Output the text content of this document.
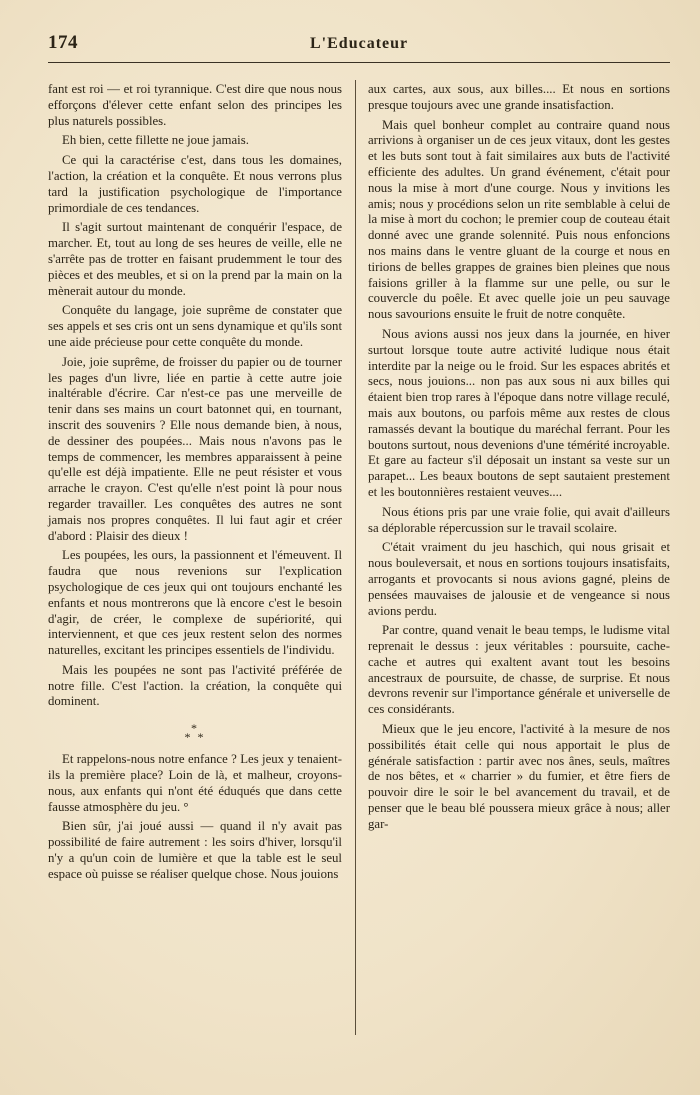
174	L'Educateur

fant est roi — et roi tyrannique. C'est dire que nous nous efforçons d'élever cette enfant selon des principes les plus naturels possibles.

Eh bien, cette fillette ne joue jamais.

Ce qui la caractérise c'est, dans tous les domaines, l'action, la création et la conquête. Et nous verrons plus tard la justification psychologique de l'importance primordiale de ces tendances.

Il s'agit surtout maintenant de conquérir l'espace, de marcher. Et, tout au long de ses heures de veille, elle ne s'arrête pas de trotter en faisant prudemment le tour des pièces et des meubles, et si on la prend par la main on la mènerait autour du monde.

Conquête du langage, joie suprême de constater que ses appels et ses cris ont un sens dynamique et qu'ils sont une aide précieuse pour cette conquête du monde.

Joie, joie suprême, de froisser du papier ou de tourner les pages d'un livre, liée en partie à cette autre joie inaltérable d'écrire. Car n'est-ce pas une merveille de tenir dans ses mains un court batonnet qui, en tournant, inscrit des souvenirs ? Elle nous demande bien, à nous, de dessiner des poupées... Mais nous n'avons pas le temps de commencer, les membres apparaissent à peine qu'elle est déjà impatiente. Elle ne peut résister et vous arrache le crayon. C'est qu'elle n'est point là pour nous regarder travailler. Les conquêtes des autres ne sont jamais nos propres conquêtes. Il lui faut agir et créer d'abord : Plaisir des dieux !

Les poupées, les ours, la passionnent et l'émeuvent. Il faudra que nous revenions sur l'explication psychologique de ces jeux qui ont toujours enchanté les enfants et nous montrerons que là encore c'est le besoin d'agir, de créer, le complexe de supériorité, qui interviennent, et que ces jeux restent selon des normes naturelles, excitant les principes essentiels de l'individu.

Mais les poupées ne sont pas l'activité préférée de notre fille. C'est l'action. la création, la conquête qui dominent.

*
* *

Et rappelons-nous notre enfance ? Les jeux y tenaient-ils la première place? Loin de là, et malheur, croyons-nous, aux enfants qui n'ont été éduqués que dans cette fausse atmosphère du jeu. °

Bien sûr, j'ai joué aussi — quand il n'y avait pas possibilité de faire autrement : les soirs d'hiver, lorsqu'il n'y a qu'un coin de lumière et que la table est le seul espace où puisse se réaliser quelque chose. Nous jouions

aux cartes, aux sous, aux billes.... Et nous en sortions presque toujours avec une grande insatisfaction.

Mais quel bonheur complet au contraire quand nous arrivions à organiser un de ces jeux vitaux, dont les gestes et les buts sont tout à fait similaires aux buts de l'activité efficiente des adultes. Un grand événement, c'était pour nous la mise à mort d'une courge. Nous y invitions les amis; nous y procédions selon un rite semblable à celui de la mise à mort du cochon; le premier coup de couteau était donné avec une grande solennité. Puis nous enfoncions nos mains dans le ventre gluant de la courge et nous en tirions de belles grappes de graines bien pleines que nous faisions griller à la flamme sur une pelle, ou sur le couvercle du poêle. Et avec quelle joie un peu sauvage nous savourions ensuite le fruit de notre conquête.

Nous avions aussi nos jeux dans la journée, en hiver surtout lorsque toute autre activité ludique nous était interdite par la neige ou le froid. Sur les espaces abrités et secs, nous jouions... non pas aux sous ni aux billes qui étaient bien trop rares à l'époque dans notre village reculé, mais aux boutons, ou parfois même aux restes de clous ramassés devant la boutique du maréchal ferrant. Pour les boutons surtout, nous devenions d'une témérité incroyable. Et gare au facteur s'il déposait un instant sa veste sur un parapet... Les beaux boutons de sept sautaient prestement et les boutonnières restaient veuves....

Nous étions pris par une vraie folie, qui avait d'ailleurs sa déplorable répercussion sur le travail scolaire.

C'était vraiment du jeu haschich, qui nous grisait et nous bouleversait, et nous en sortions toujours insatisfaits, arrogants et provocants si nous avions gagné, pleins de pensées mauvaises de jalousie et de vengeance si nous avions perdu.

Par contre, quand venait le beau temps, le ludisme vital reprenait le dessus : jeux véritables : poursuite, cache-cache et autres qui exaltent avant tout les besoins ancestraux de poursuite, de chasse, de surprise. Et nous devrons revenir sur l'importance générale et universelle de ces considérants.

Mieux que le jeu encore, l'activité à la mesure de nos possibilités était celle qui nous apportait le plus de générale satisfaction : partir avec nos ânes, seuls, maîtres de nos bêtes, et « charrier » du fumier, et être fiers de pouvoir dire le soir le bel avancement du travail, et de penser que le beau blé poussera mieux grâce à nous; aller gar-
